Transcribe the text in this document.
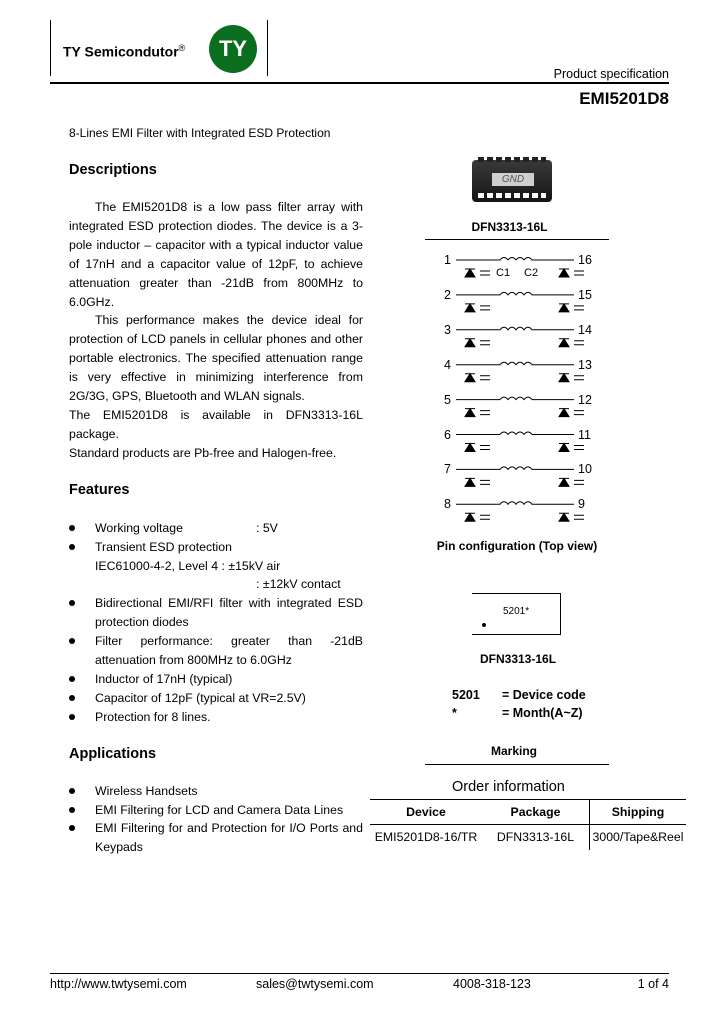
TY Semicondutor®	TY
Product specification
EMI5201D8
8-Lines EMI Filter with Integrated ESD Protection
Descriptions
The EMI5201D8 is a low pass filter array with integrated ESD protection diodes. The device is a 3-pole inductor – capacitor with a typical inductor value of 17nH and a capacitor value of 12pF, to achieve attenuation greater than -21dB from 800MHz to 6.0GHz.
This performance makes the device ideal for protection of LCD panels in cellular phones and other portable electronics. The specified attenuation range is very effective in minimizing interference from 2G/3G, GPS, Bluetooth and WLAN signals.
The EMI5201D8 is available in DFN3313-16L package.
Standard products are Pb-free and Halogen-free.
Features
Working voltage	: 5V
Transient ESD protection
IEC61000-4-2, Level 4 : ±15kV air
: ±12kV contact
Bidirectional EMI/RFI filter with integrated ESD protection diodes
Filter performance: greater than -21dB attenuation from 800MHz to 6.0GHz
Inductor of 17nH (typical)
Capacitor of 12pF (typical at VR=2.5V)
Protection for 8 lines.
Applications
Wireless Handsets
EMI Filtering for LCD and Camera Data Lines
EMI Filtering for and Protection for I/O Ports and Keypads
GND
DFN3313-16L
1	16
2	15
3	14
4	13
5	12
6	11
7	10
8	9
C1 C2
Pin configuration (Top view)
5201*
DFN3313-16L
5201 = Device code
*	= Month(A~Z)
Marking
Order information
Device	Package	Shipping
EMI5201D8-16/TR	DFN3313-16L	3000/Tape&Reel
http://www.twtysemi.com	sales@twtysemi.com	4008-318-123	1 of 4
